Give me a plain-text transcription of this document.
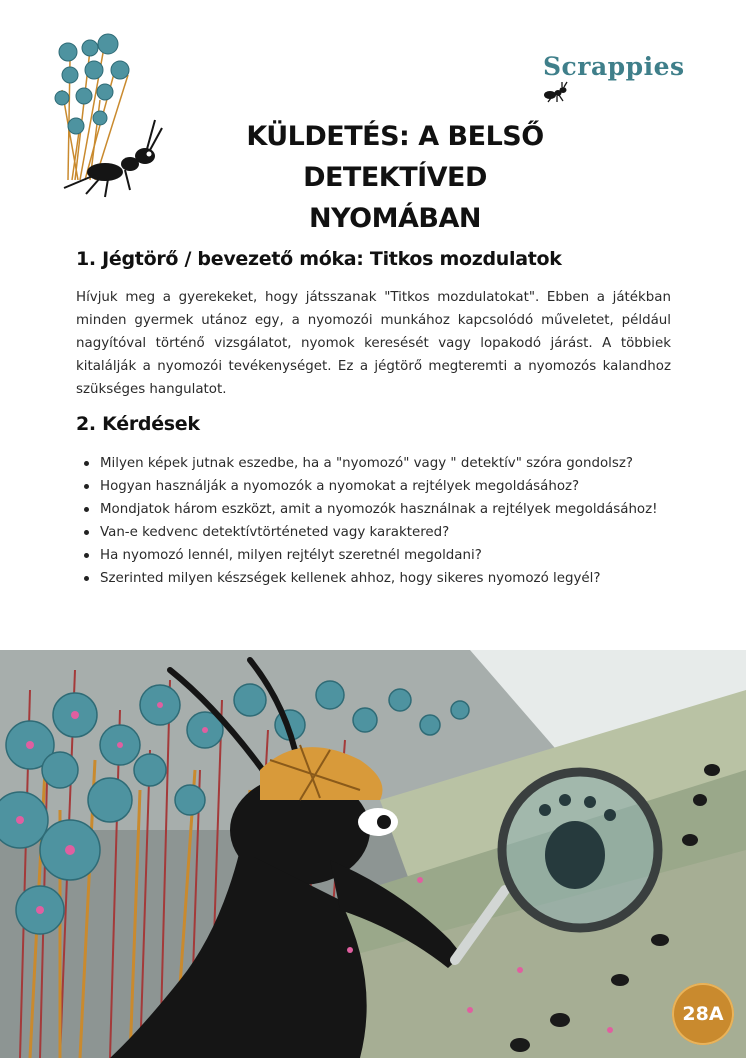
Scrappies
KÜLDETÉS: A BELSŐ DETEKTÍVED
NYOMÁBAN
1. Jégtörő / bevezető móka: Titkos mozdulatok

Hívjuk meg a gyerekeket, hogy játsszanak "Titkos mozdulatokat". Ebben a játékban minden gyermek utánoz egy, a nyomozói munkához kapcsolódó műveletet, például nagyítóval történő vizsgálatot, nyomok keresését vagy lopakodó járást. A többiek kitalálják a nyomozói tevékenységet. Ez a jégtörő megteremti a nyomozós kalandhoz szükséges hangulatot.

2. Kérdések
Milyen képek jutnak eszedbe, ha a "nyomozó" vagy " detektív" szóra gondolsz?
Hogyan használják a nyomozók a nyomokat a rejtélyek megoldásához?
Mondjatok három eszközt, amit a nyomozók használnak a rejtélyek megoldásához!
Van-e kedvenc detektívtörténeted vagy karaktered?
Ha nyomozó lennél, milyen rejtélyt szeretnél megoldani?
Szerinted milyen készségek kellenek ahhoz, hogy sikeres nyomozó legyél?
28A
